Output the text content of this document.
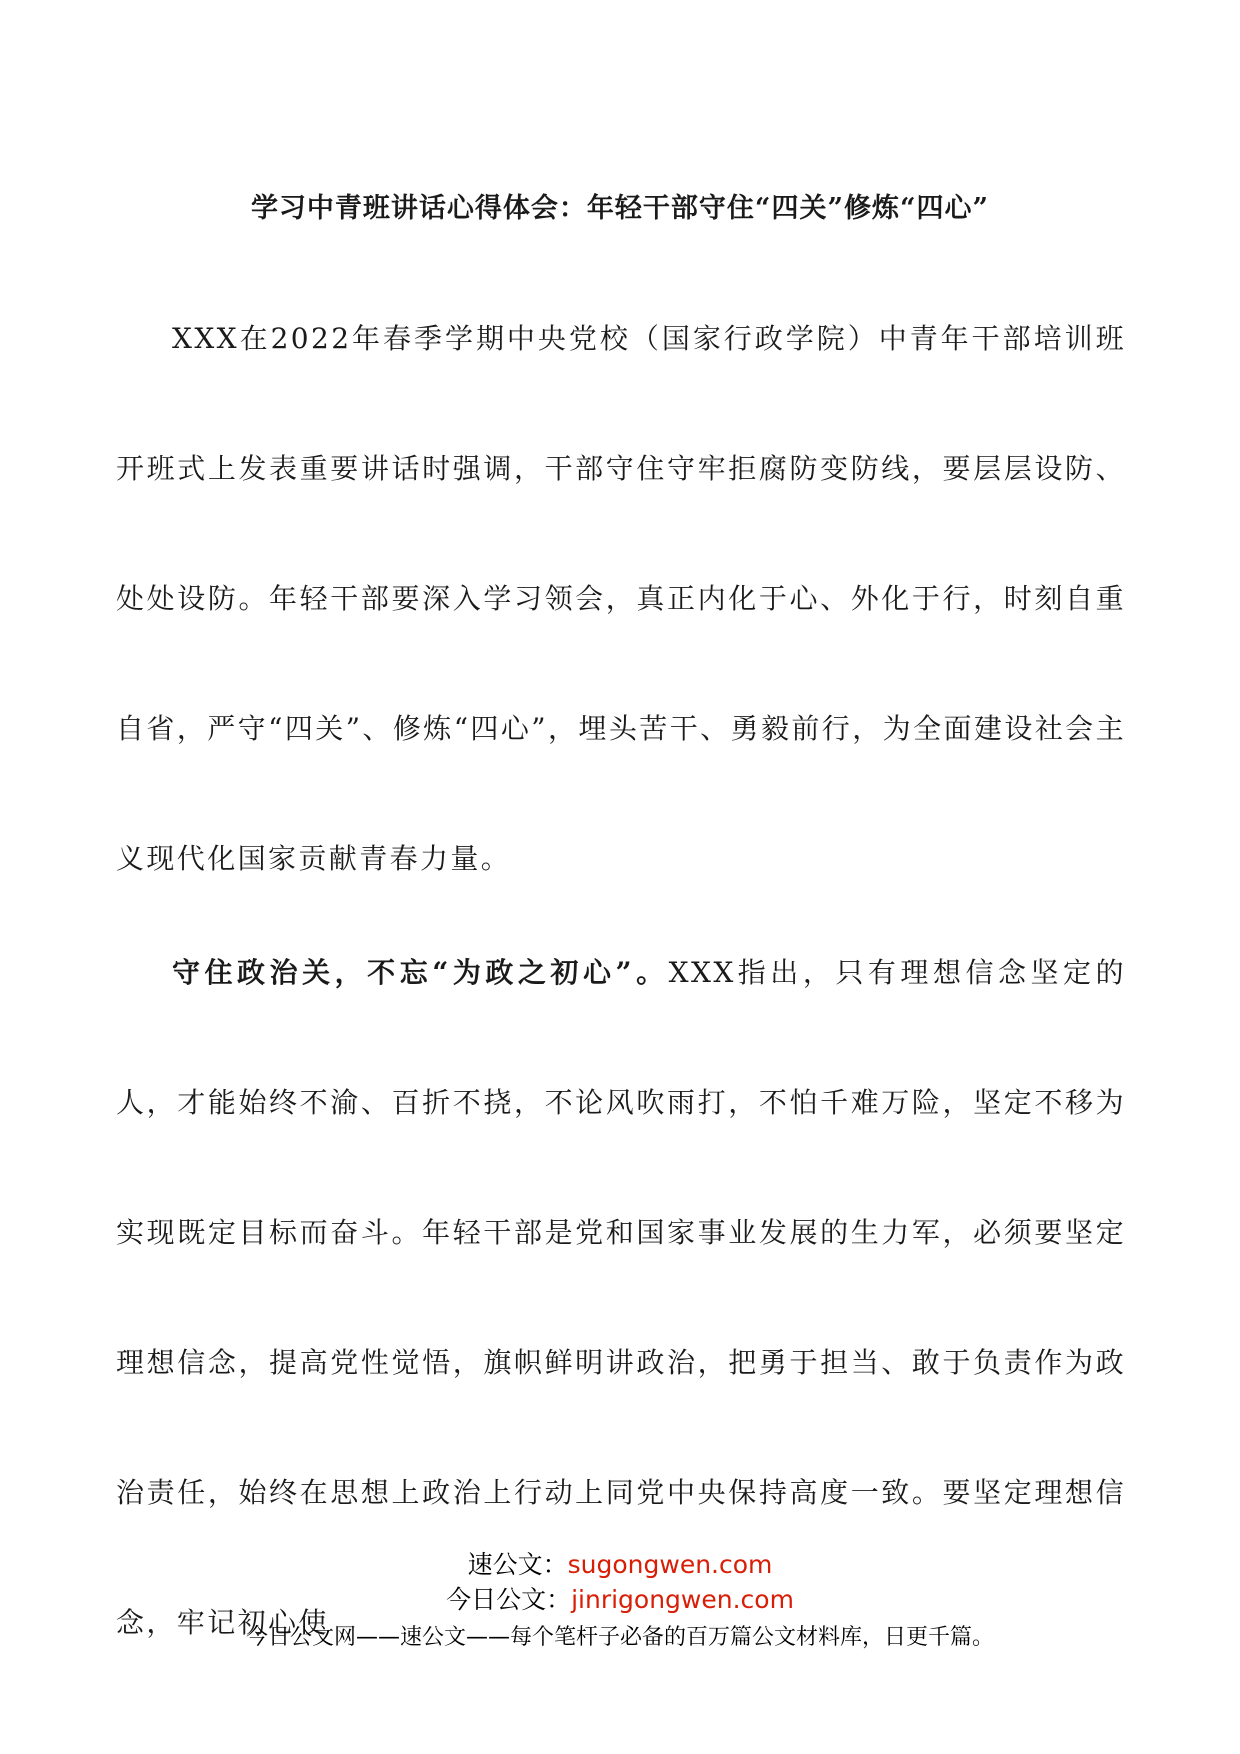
学习中青班讲话心得体会：年轻干部守住“四关”修炼“四心”

XXX在2022年春季学期中央党校（国家行政学院）中青年干部培训班开班式上发表重要讲话时强调，干部守住守牢拒腐防变防线，要层层设防、处处设防。年轻干部要深入学习领会，真正内化于心、外化于行，时刻自重自省，严守“四关”、修炼“四心”，埋头苦干、勇毅前行，为全面建设社会主义现代化国家贡献青春力量。

守住政治关，不忘“为政之初心”。XXX指出，只有理想信念坚定的人，才能始终不渝、百折不挠，不论风吹雨打，不怕千难万险，坚定不移为实现既定目标而奋斗。年轻干部是党和国家事业发展的生力军，必须要坚定理想信念，提高党性觉悟，旗帜鲜明讲政治，把勇于担当、敢于负责作为政治责任，始终在思想上政治上行动上同党中央保持高度一致。要坚定理想信念，牢记初心使

速公文：sugongwen.com
今日公文：jinrigongwen.com
今日公文网——速公文——每个笔杆子必备的百万篇公文材料库，日更千篇。
